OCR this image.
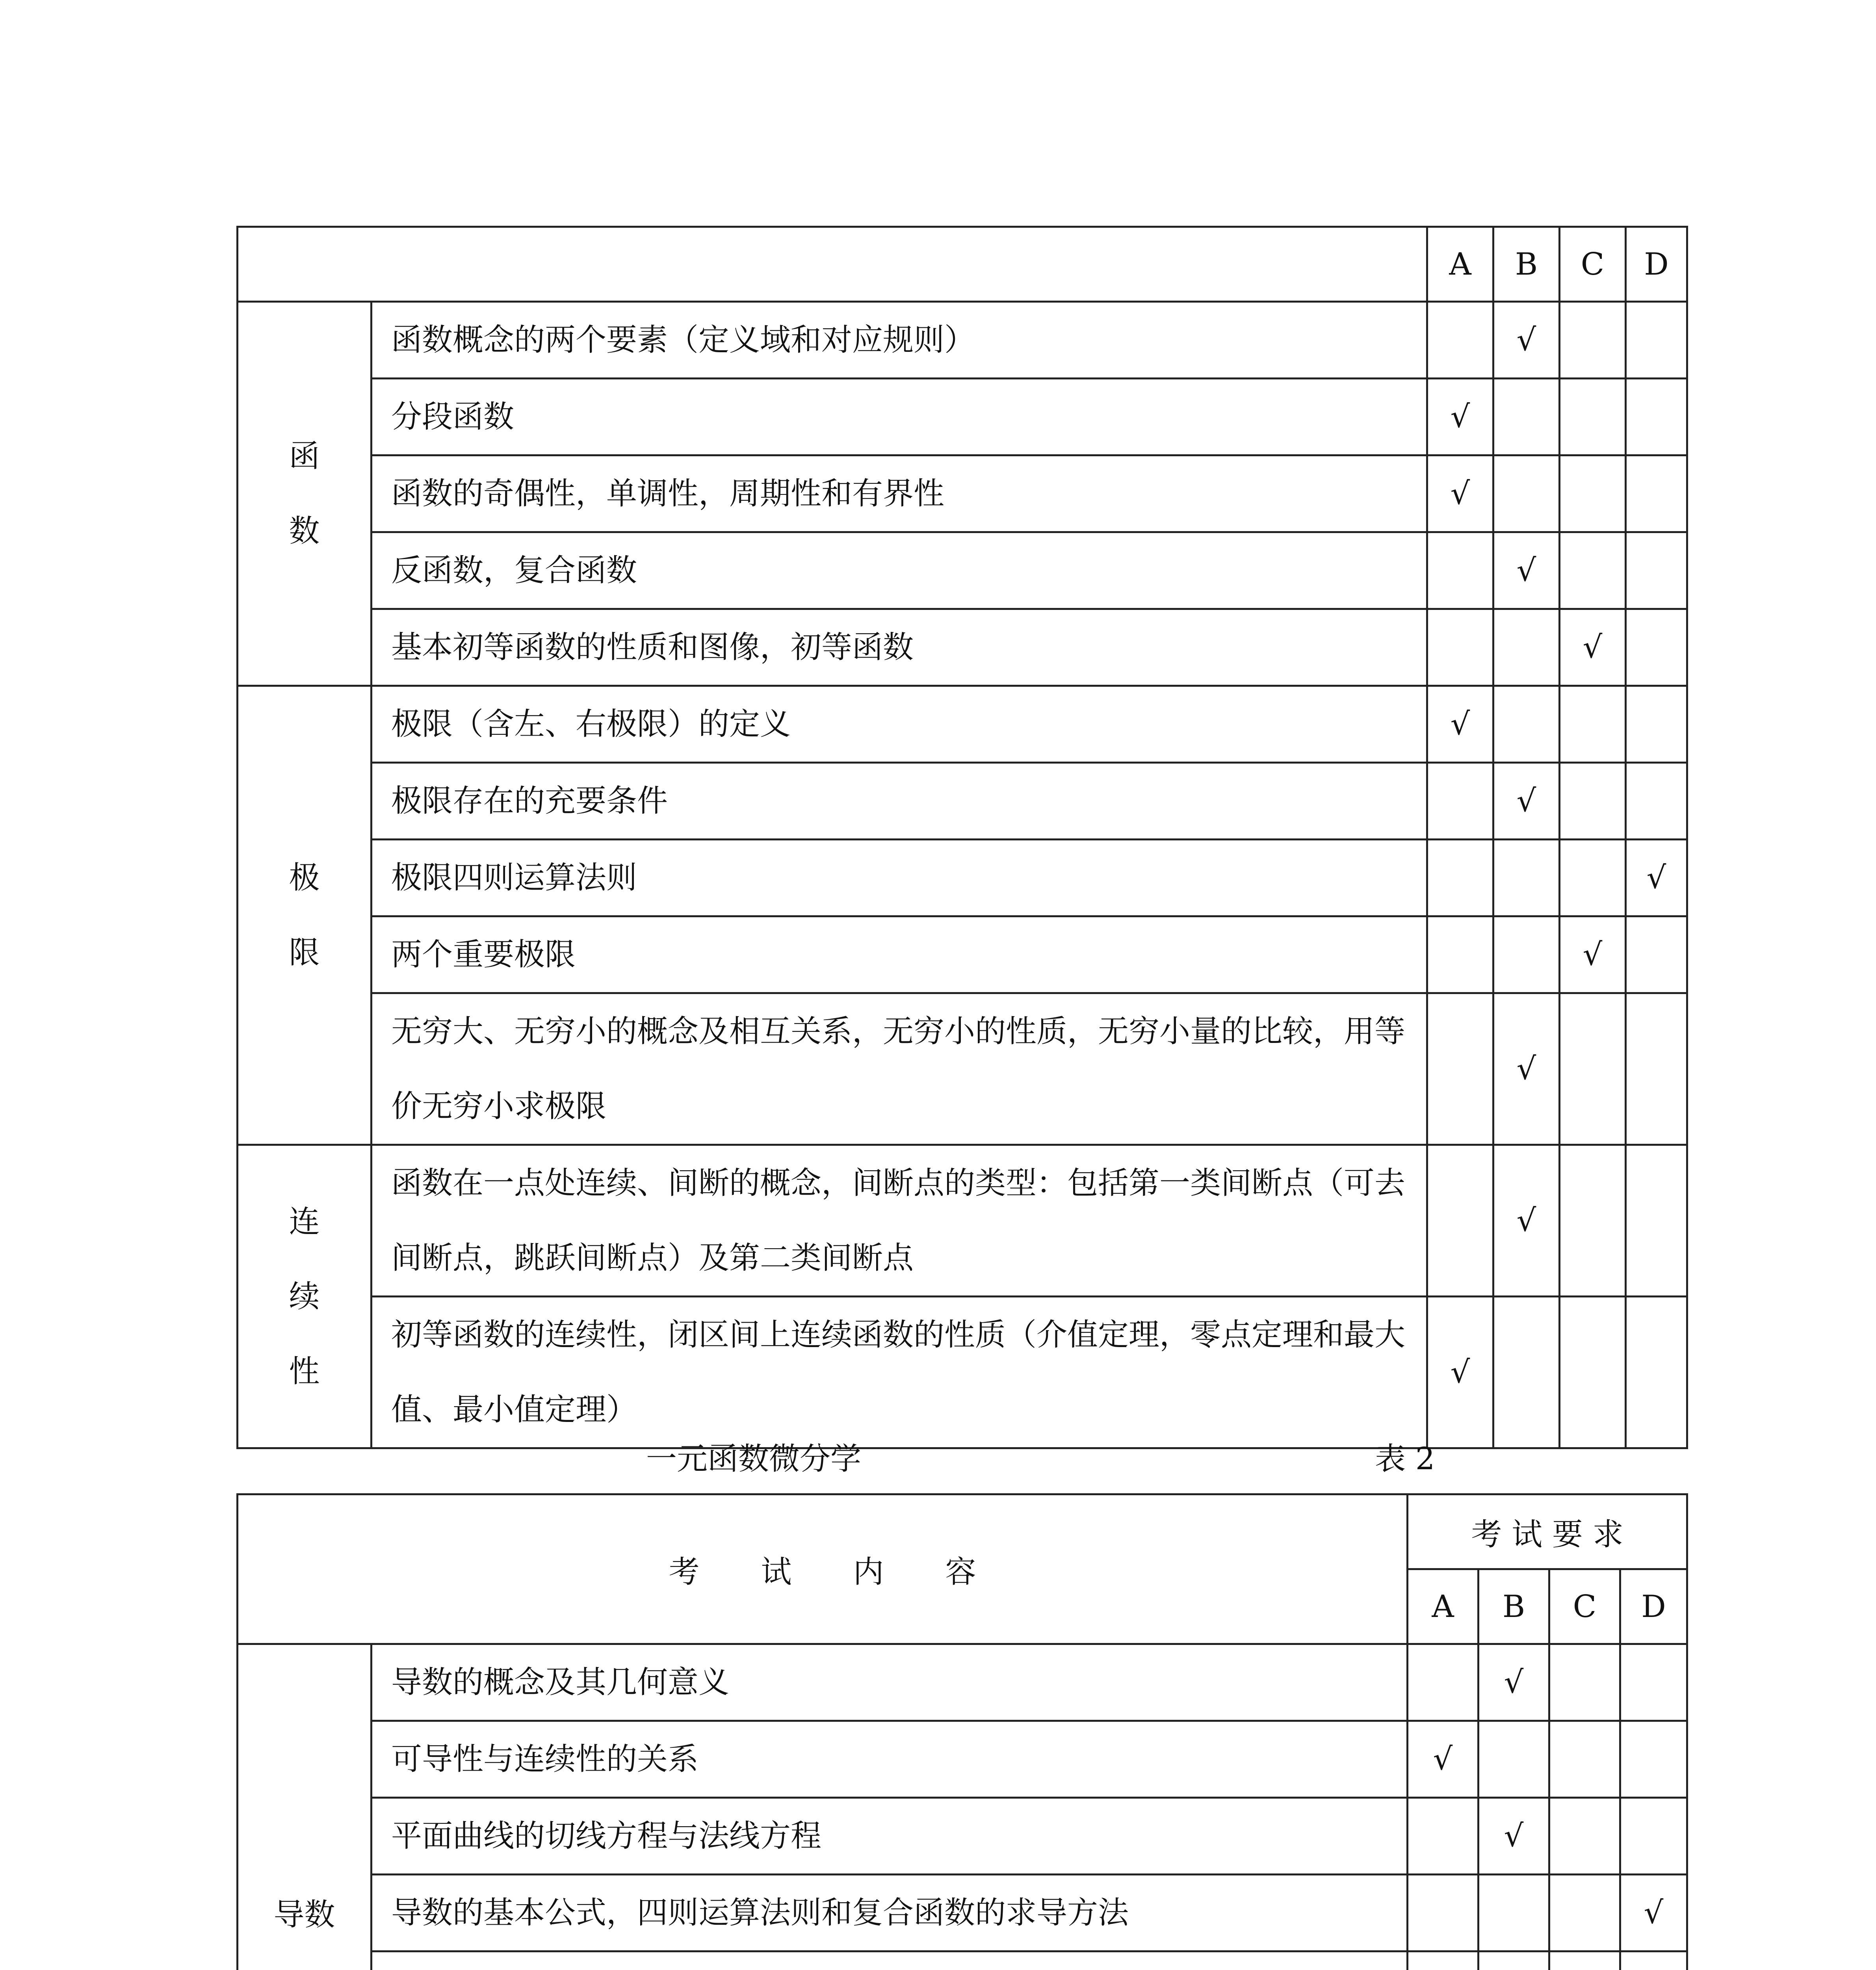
		A	B	C	D

函
数	函数概念的两个要素（定义域和对应规则）		√		
	分段函数	√			
	函数的奇偶性，单调性，周期性和有界性	√			
	反函数，复合函数		√		
	基本初等函数的性质和图像，初等函数			√	

极
限	极限（含左、右极限）的定义	√			
	极限存在的充要条件		√		
	极限四则运算法则				√
	两个重要极限			√	
	无穷大、无穷小的概念及相互关系，无穷小的性质，无穷小量的比较，用等价无穷小求极限		√		

连
续
性	函数在一点处连续、间断的概念，间断点的类型：包括第一类间断点（可去间断点，跳跃间断点）及第二类间断点		√		
	初等函数的连续性，闭区间上连续函数的性质（介值定理，零点定理和最大值、最小值定理）	√			
一元函数微分学	表 2
考　　试　　内　　容		考 试 要 求			
		A	B	C	D

导数	导数的概念及其几何意义		√		
	可导性与连续性的关系	√			
	平面曲线的切线方程与法线方程		√		
	导数的基本公式，四则运算法则和复合函数的求导方法				√
